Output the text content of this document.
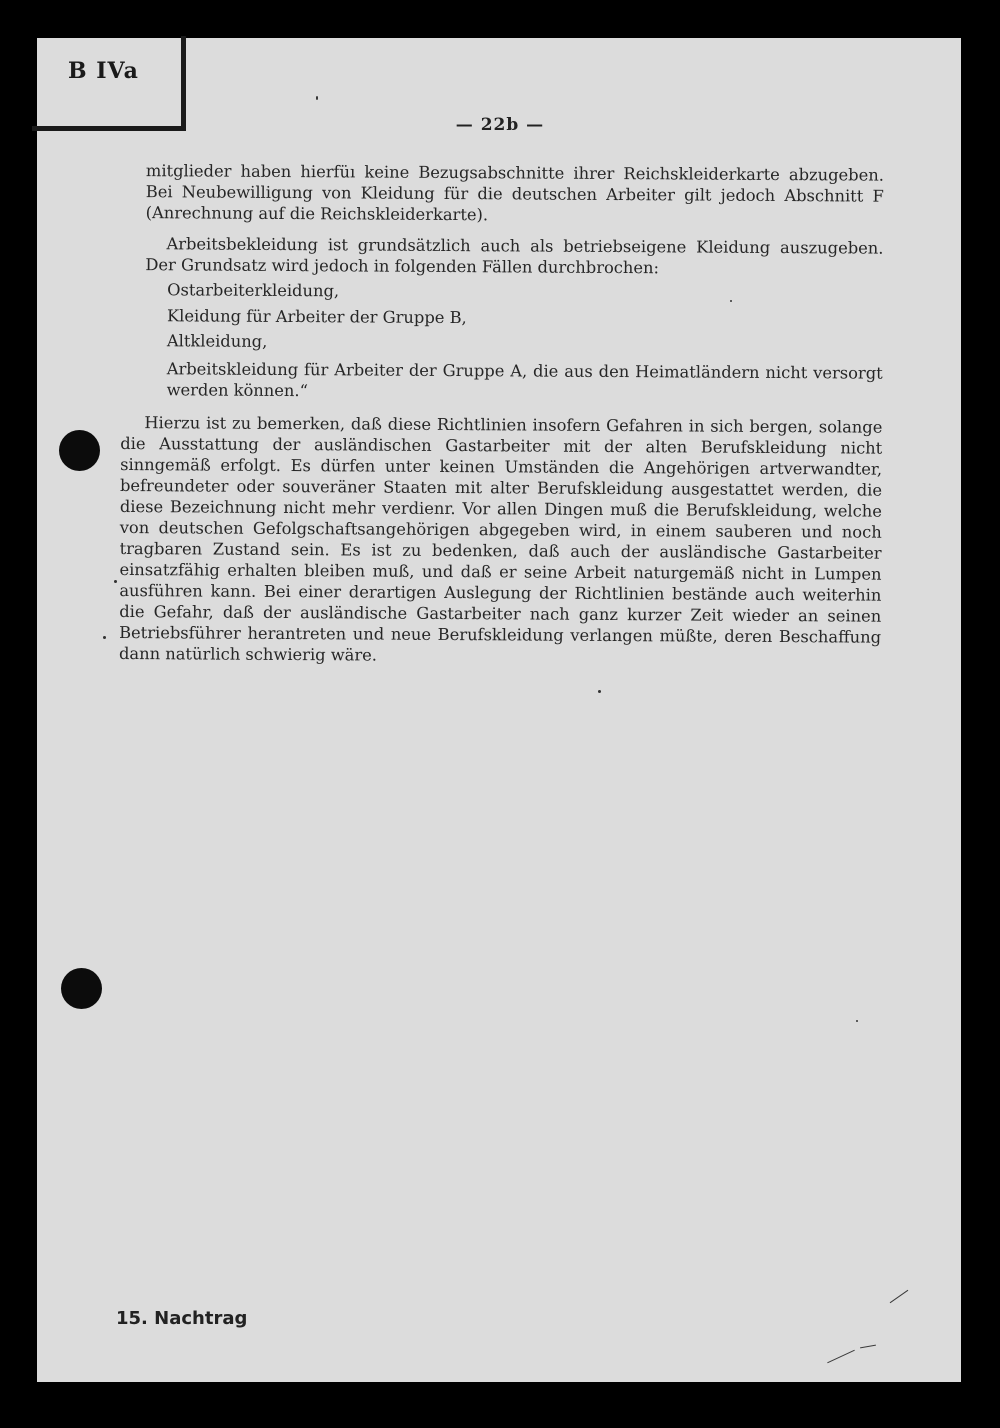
B IVa
— 22b —

mitglieder haben hierfüı keine Bezugsabschnitte ihrer Reichskleiderkarte abzugeben. Bei Neubewilligung von Kleidung für die deutschen Arbeiter gilt jedoch Abschnitt F (Anrechnung auf die Reichskleiderkarte).

Arbeitsbekleidung ist grundsätzlich auch als betriebseigene Kleidung auszugeben. Der Grundsatz wird jedoch in folgenden Fällen durchbrochen:

Ostarbeiterkleidung,
Kleidung für Arbeiter der Gruppe B,
Altkleidung,
Arbeitskleidung für Arbeiter der Gruppe A, die aus den Heimatländern nicht versorgt werden können.“

Hierzu ist zu bemerken, daß diese Richtlinien insofern Gefahren in sich bergen, solange die Ausstattung der ausländischen Gastarbeiter mit der alten Berufskleidung nicht sinngemäß erfolgt. Es dürfen unter keinen Umständen die Angehörigen artverwandter, befreundeter oder souveräner Staaten mit alter Berufskleidung ausgestattet werden, die diese Bezeichnung nicht mehr verdienr. Vor allen Dingen muß die Berufskleidung, welche von deutschen Gefolgschaftsangehörigen abgegeben wird, in einem sauberen und noch tragbaren Zustand sein. Es ist zu bedenken, daß auch der ausländische Gastarbeiter einsatzfähig erhalten bleiben muß, und daß er seine Arbeit naturgemäß nicht in Lumpen ausführen kann. Bei einer derartigen Auslegung der Richtlinien bestände auch weiterhin die Gefahr, daß der ausländische Gastarbeiter nach ganz kurzer Zeit wieder an seinen Betriebsführer herantreten und neue Berufskleidung verlangen müßte, deren Beschaffung dann natürlich schwierig wäre.

15. Nachtrag
